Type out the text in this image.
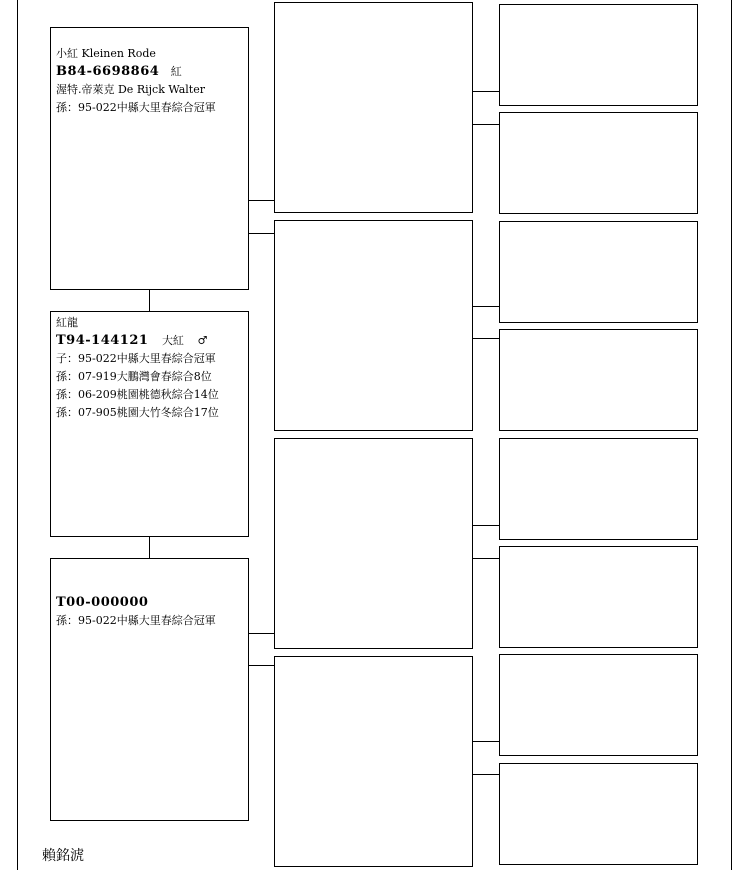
小紅 Kleinen Rode
B84-6698864 紅
渥特.帝萊克 De Rijck Walter
孫：95-022中縣大里春綜合冠軍
紅龍
T94-144121 大紅 ♂
子：95-022中縣大里春綜合冠軍
孫：07-919大鵬灣會春綜合8位
孫：06-209桃園桃德秋綜合14位
孫：07-905桃園大竹冬綜合17位
T00-000000
孫：95-022中縣大里春綜合冠軍
賴銘淲
